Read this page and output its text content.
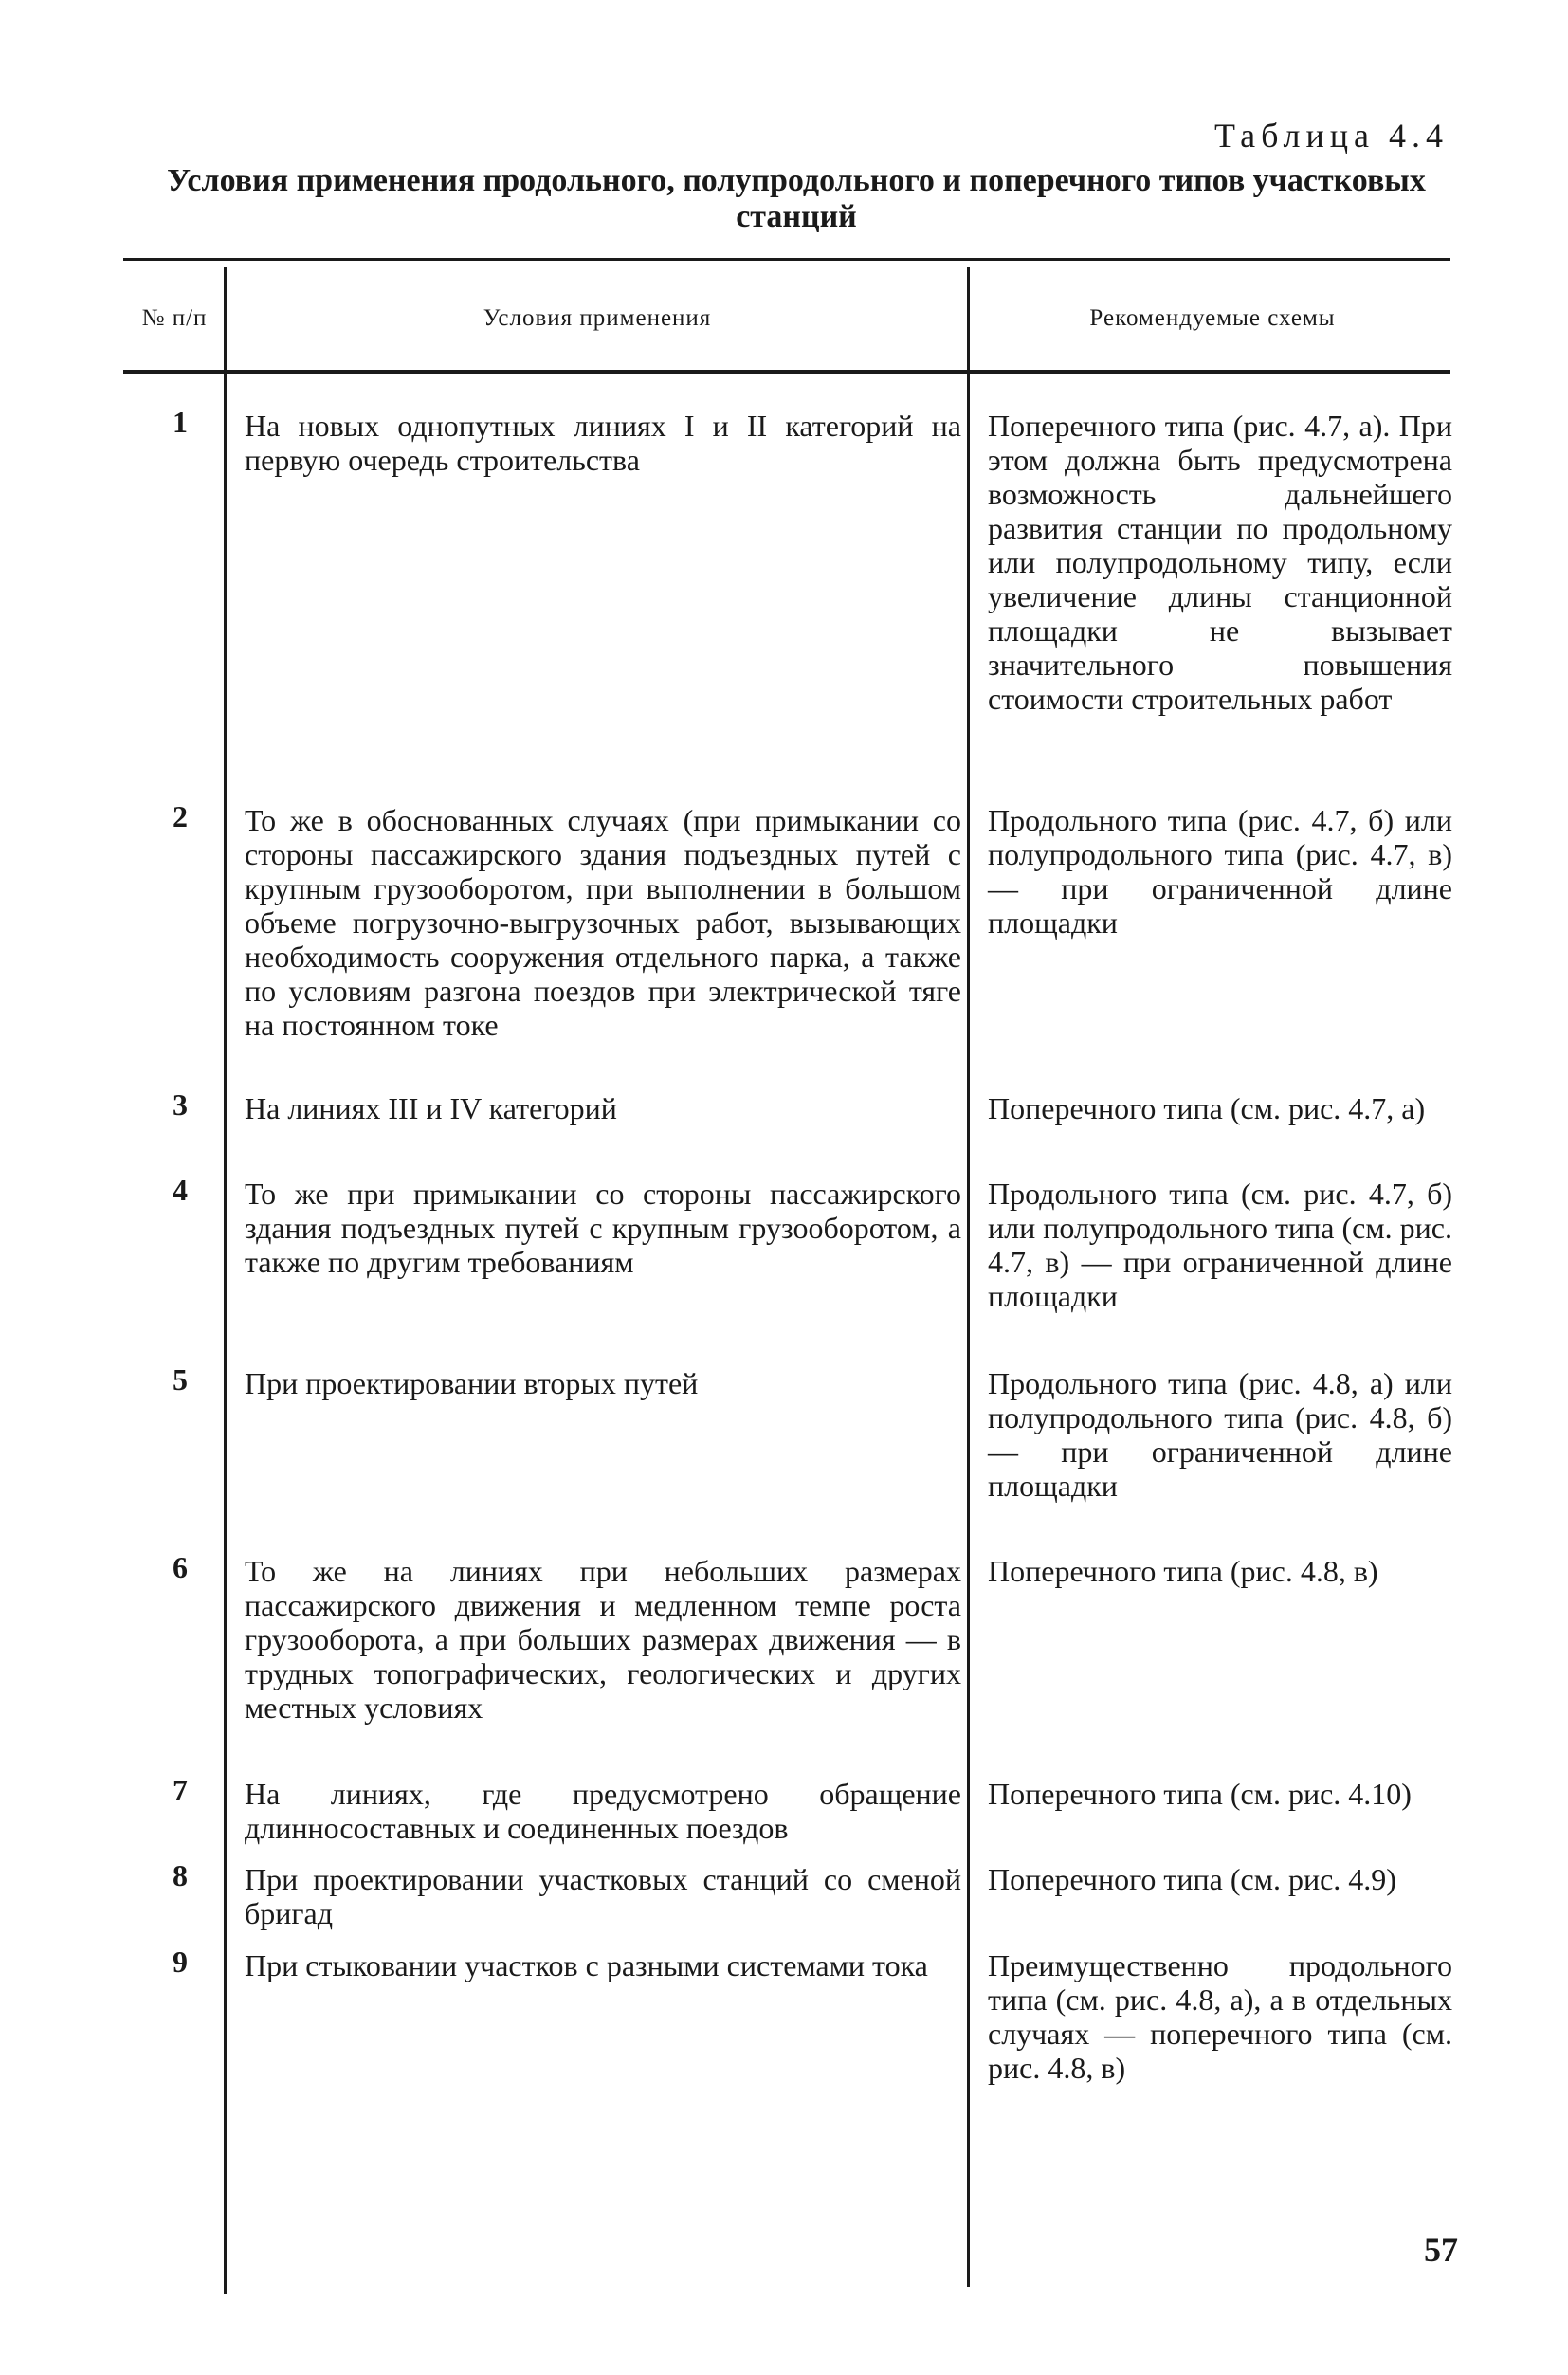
Таблица 4.4
Условия применения продольного, полупродольного и поперечного типов участковых станций
№ п/п	Условия применения	Рекомендуемые схемы
1	На новых однопутных линиях I и II категорий на первую очередь строительства
Поперечного типа (рис. 4.7, а). При этом должна быть предусмотрена возможность дальнейшего развития станции по продольному или полупродольному типу, если увеличение длины станционной площадки не вызывает значительного повышения стоимости строительных работ
2	То же в обоснованных случаях (при примыкании со стороны пассажирского здания подъездных путей с крупным грузооборотом, при выполнении в большом объеме погрузочно-выгрузочных работ, вызывающих необходимость сооружения отдельного парка, а также по условиям разгона поездов при электрической тяге на постоянном токе
Продольного типа (рис. 4.7, б) или полупродольного типа (рис. 4.7, в) — при ограниченной длине площадки
3	На линиях III и IV категорий	Поперечного типа (см. рис. 4.7, а)
4	То же при примыкании со стороны пассажирского здания подъездных путей с крупным грузооборотом, а также по другим требованиям
Продольного типа (см. рис. 4.7, б) или полупродольного типа (см. рис. 4.7, в) — при ограниченной длине площадки
5	При проектировании вторых путей	Продольного типа (рис. 4.8, а) или полупродольного типа (рис. 4.8, б) — при ограниченной длине площадки
6	То же на линиях при небольших размерах пассажирского движения и медленном темпе роста грузооборота, а при больших размерах движения — в трудных топографических, геологических и других местных условиях
Поперечного типа (рис. 4.8, в)
7	На линиях, где предусмотрено обращение длинносоставных и соединенных поездов
Поперечного типа (см. рис. 4.10)
8	При проектировании участковых станций со сменой бригад
Поперечного типа (см. рис. 4.9)
9	При стыковании участков с разными системами тока	Преимущественно продольного типа (см. рис. 4.8, а), а в отдельных случаях — поперечного типа (см. рис. 4.8, в)
57
